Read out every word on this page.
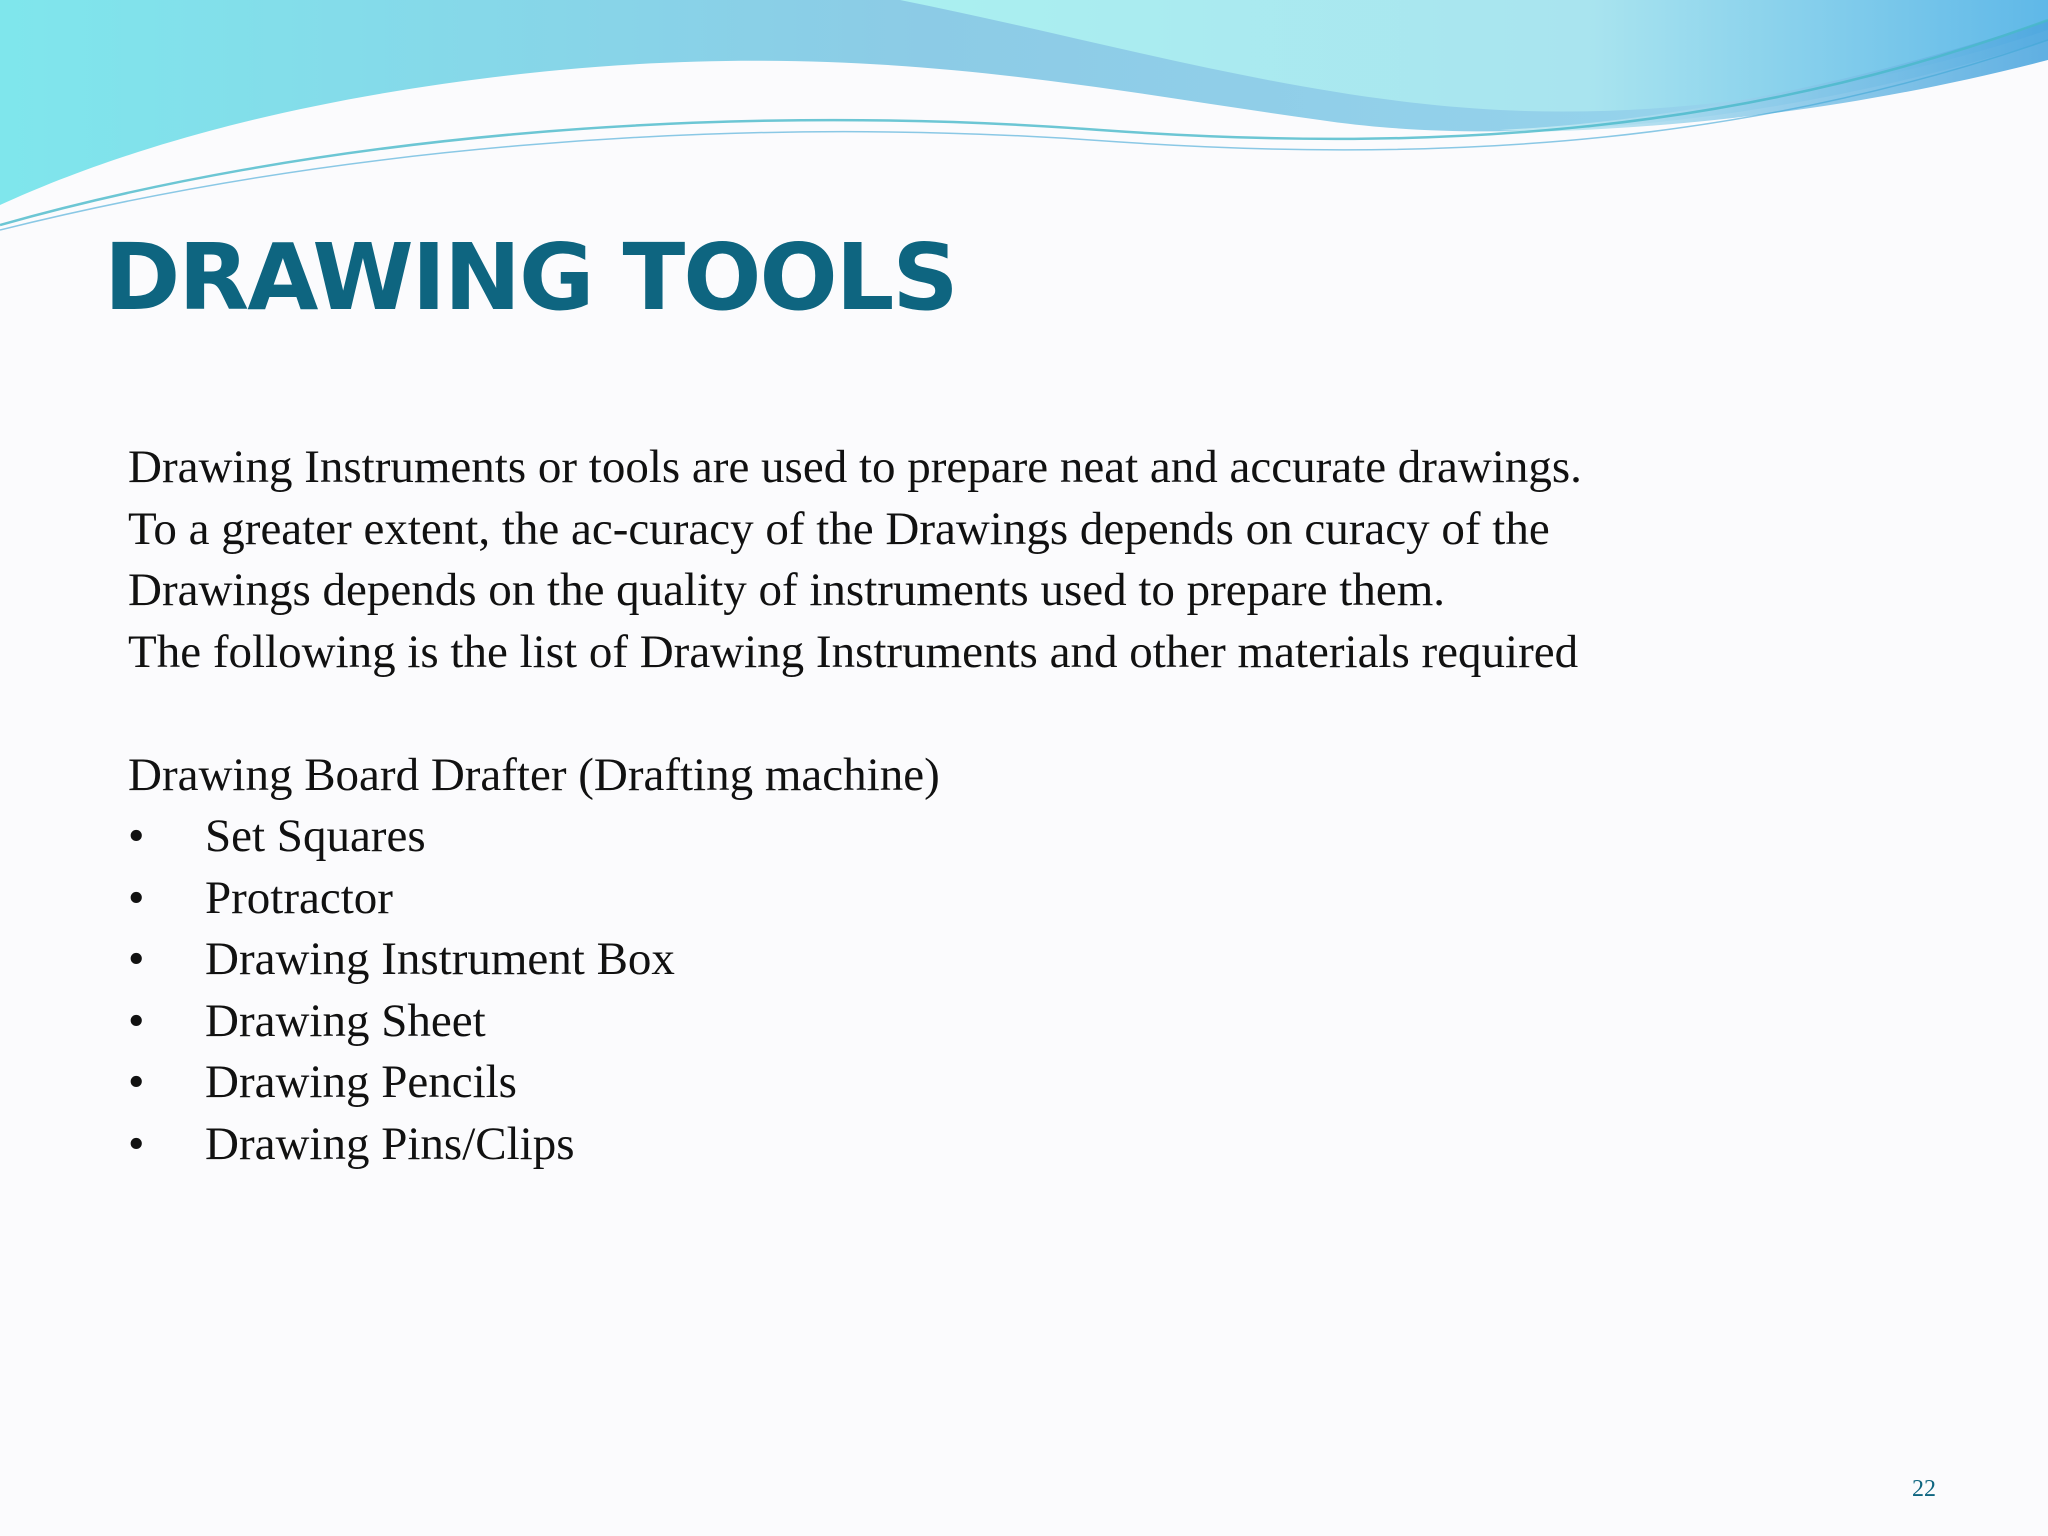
DRAWING TOOLS
Drawing Instruments or tools are used to prepare neat and accurate drawings.
To a greater extent, the ac-curacy of the Drawings depends on curacy of the
Drawings depends on the quality of instruments used to prepare them.
The following is the list of Drawing Instruments and other materials required
Drawing Board Drafter (Drafting machine)
• Set Squares
• Protractor
• Drawing Instrument Box
• Drawing Sheet
• Drawing Pencils
• Drawing Pins/Clips
22
